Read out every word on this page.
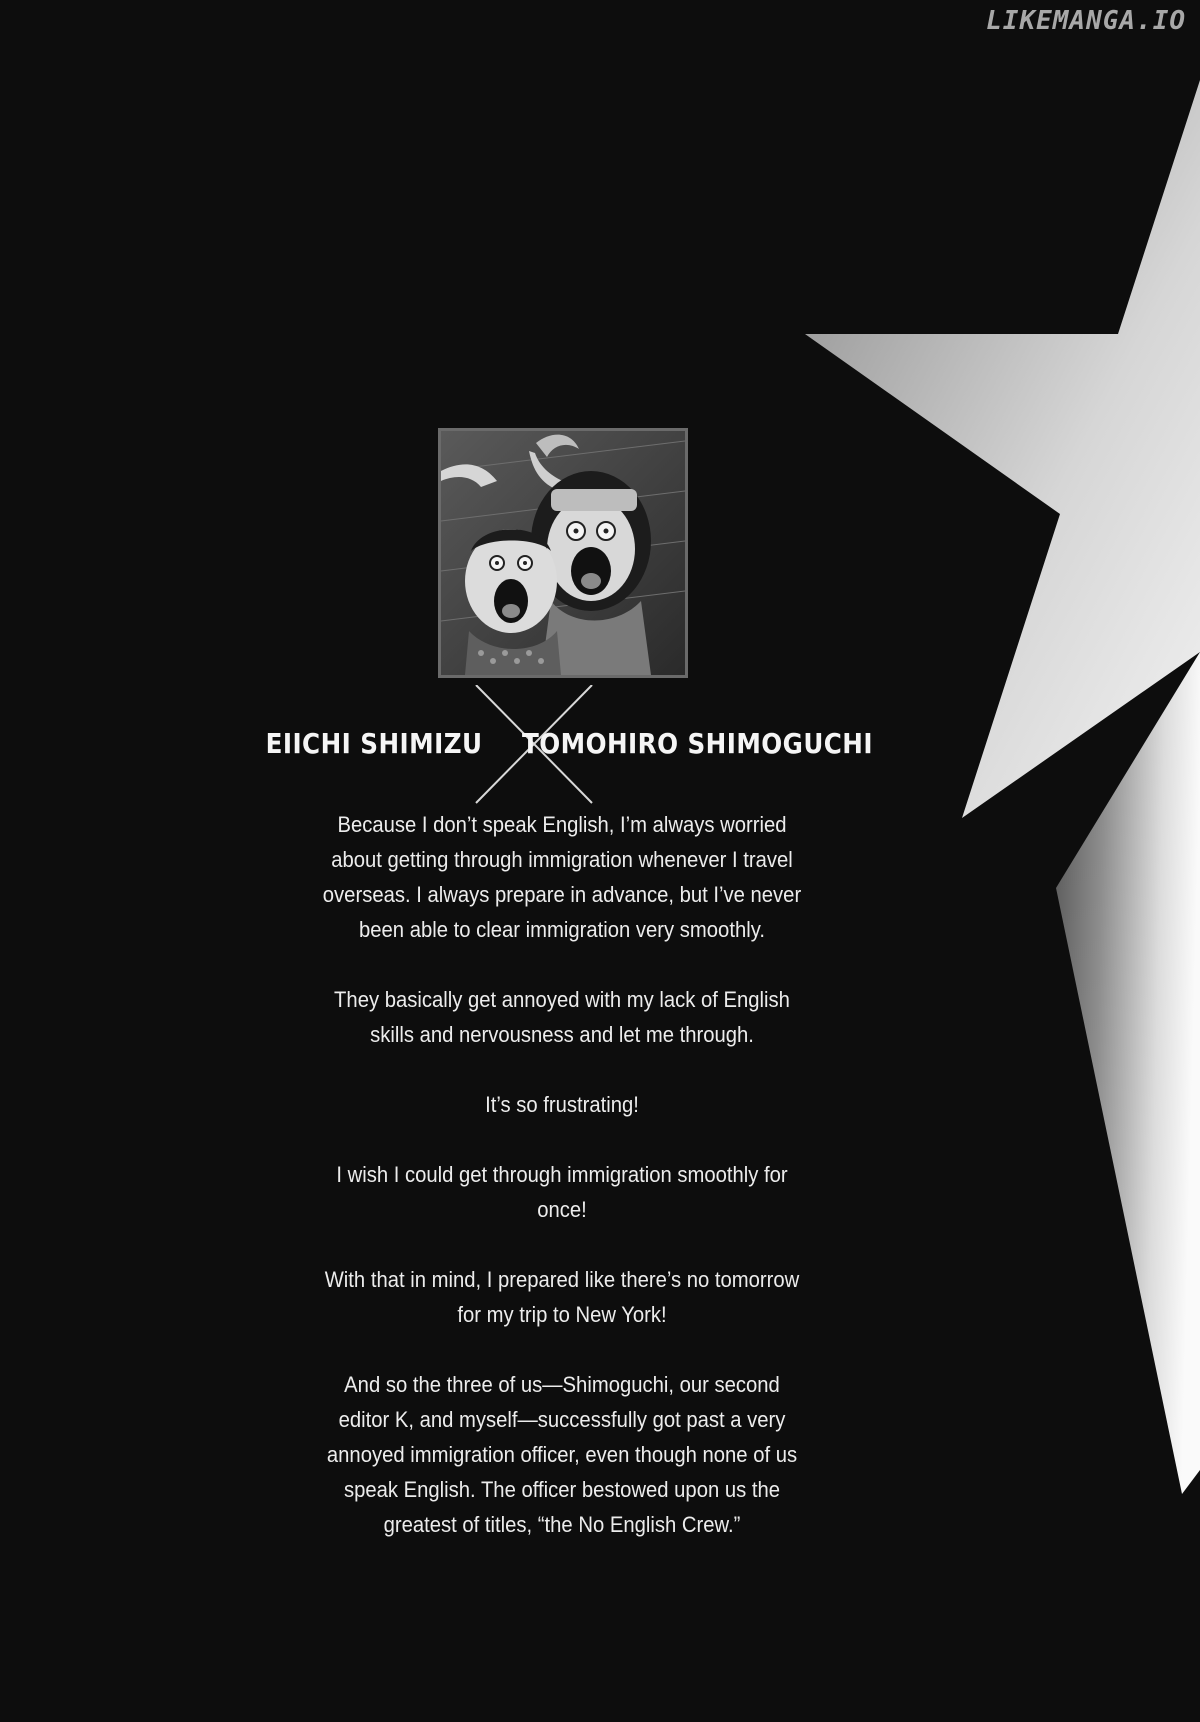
LIKEMANGA.IO
EIICHI SHIMIZU TOMOHIRO SHIMOGUCHI

Because I don’t speak English, I’m always worried about getting through immigration whenever I travel overseas. I always prepare in advance, but I’ve never been able to clear immigration very smoothly.

They basically get annoyed with my lack of English skills and nervousness and let me through.

It’s so frustrating!

I wish I could get through immigration smoothly for once!

With that in mind, I prepared like there’s no tomorrow for my trip to New York!

And so the three of us—Shimoguchi, our second editor K, and myself—successfully got past a very annoyed immigration officer, even though none of us speak English. The officer bestowed upon us the greatest of titles, “the No English Crew.”
